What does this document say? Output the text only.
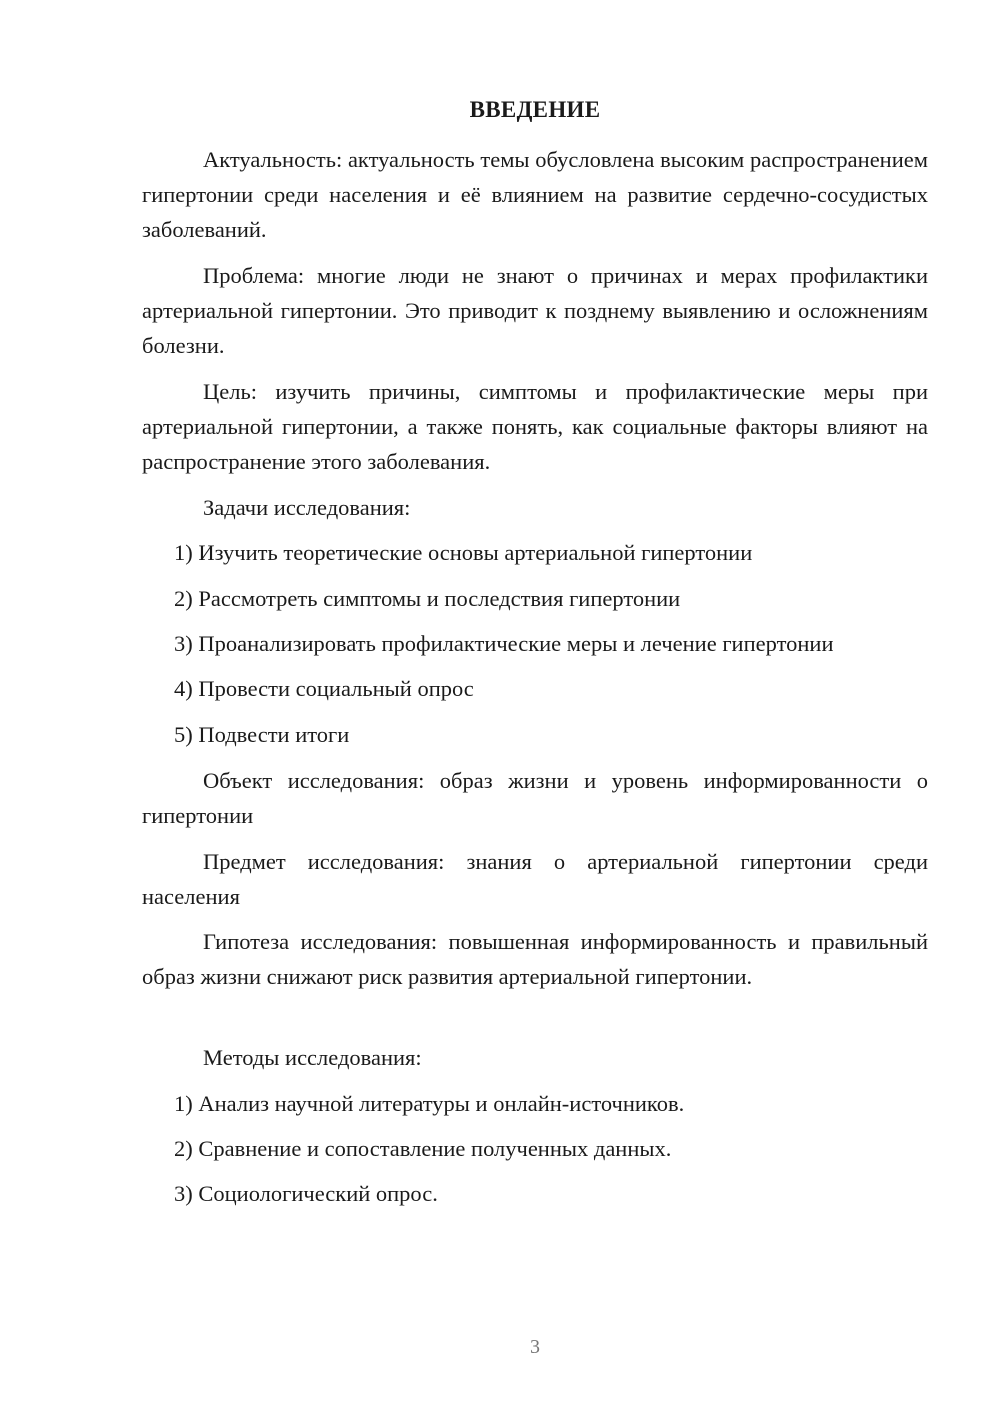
ВВЕДЕНИЕ

Актуальность: актуальность темы обусловлена высоким распространением гипертонии среди населения и её влиянием на развитие сердечно-сосудистых заболеваний.

Проблема: многие люди не знают о причинах и мерах профилактики артериальной гипертонии. Это приводит к позднему выявлению и осложнениям болезни.

Цель: изучить причины, симптомы и профилактические меры при артериальной гипертонии, а также понять, как социальные факторы влияют на распространение этого заболевания.

Задачи исследования:
1) Изучить теоретические основы артериальной гипертонии
2) Рассмотреть симптомы и последствия гипертонии
3) Проанализировать профилактические меры и лечение гипертонии
4) Провести социальный опрос
5) Подвести итоги

Объект исследования: образ жизни и уровень информированности о гипертонии

Предмет исследования: знания о артериальной гипертонии среди населения

Гипотеза исследования: повышенная информированность и правильный образ жизни снижают риск развития артериальной гипертонии.

Методы исследования:
1) Анализ научной литературы и онлайн-источников.
2) Сравнение и сопоставление полученных данных.
3) Социологический опрос.
3
